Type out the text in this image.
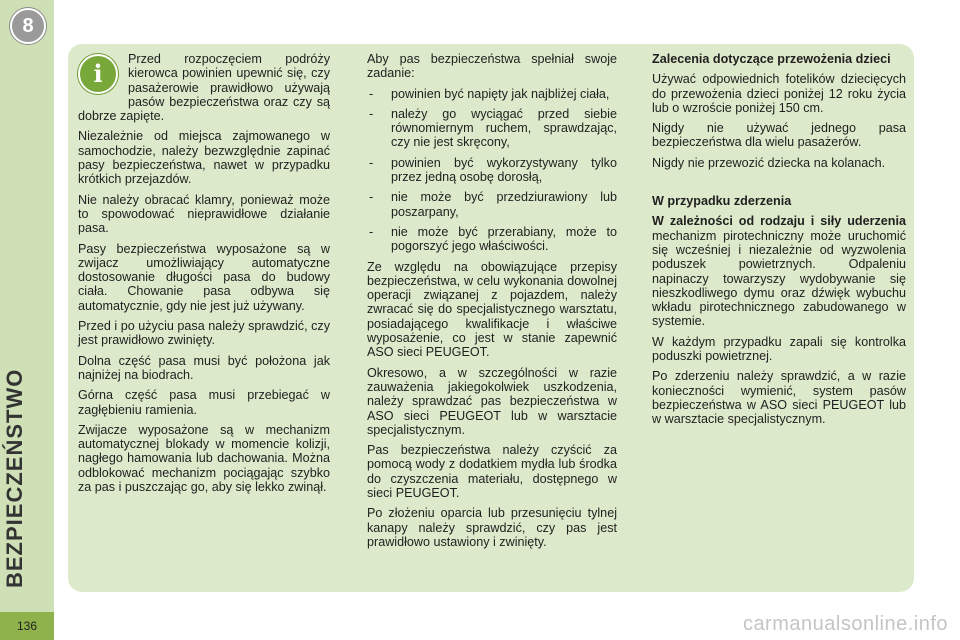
8
BEZPIECZEŃSTWO
136
i	Przed rozpoczęciem podróży kierowca powinien upewnić się, czy pasażerowie prawidłowo używają pasów bezpieczeństwa oraz czy są dobrze zapięte.

Niezależnie od miejsca zajmowanego w samochodzie, należy bezwzględnie zapinać pasy bezpieczeństwa, nawet w przypadku krótkich przejazdów.

Nie należy obracać klamry, ponieważ może to spowodować nieprawidłowe działanie pasa.

Pasy bezpieczeństwa wyposażone są w zwijacz umożliwiający automatyczne dostosowanie długości pasa do budowy ciała. Chowanie pasa odbywa się automatycznie, gdy nie jest już używany.

Przed i po użyciu pasa należy sprawdzić, czy jest prawidłowo zwinięty.

Dolna część pasa musi być położona jak najniżej na biodrach.

Górna część pasa musi przebiegać w zagłębieniu ramienia.

Zwijacze wyposażone są w mechanizm automatycznej blokady w momencie kolizji, nagłego hamowania lub dachowania. Można odblokować mechanizm pociągając szybko za pas i puszczając go, aby się lekko zwinął.

Aby pas bezpieczeństwa spełniał swoje zadanie:

- powinien być napięty jak najbliżej ciała,
- należy go wyciągać przed siebie równomiernym ruchem, sprawdzając, czy nie jest skręcony,
- powinien być wykorzystywany tylko przez jedną osobę dorosłą,
- nie może być przedziurawiony lub poszarpany,
- nie może być przerabiany, może to pogorszyć jego właściwości.

Ze względu na obowiązujące przepisy bezpieczeństwa, w celu wykonania dowolnej operacji związanej z pojazdem, należy zwracać się do specjalistycznego warsztatu, posiadającego kwalifikacje i właściwe wyposażenie, co jest w stanie zapewnić ASO sieci PEUGEOT.

Okresowo, a w szczególności w razie zauważenia jakiegokolwiek uszkodzenia, należy sprawdzać pas bezpieczeństwa w ASO sieci PEUGEOT lub w warsztacie specjalistycznym.

Pas bezpieczeństwa należy czyścić za pomocą wody z dodatkiem mydła lub środka do czyszczenia materiału, dostępnego w sieci PEUGEOT.

Po złożeniu oparcia lub przesunięciu tylnej kanapy należy sprawdzić, czy pas jest prawidłowo ustawiony i zwinięty.

Zalecenia dotyczące przewożenia dzieci

Używać odpowiednich fotelików dziecięcych do przewożenia dzieci poniżej 12 roku życia lub o wzroście poniżej 150 cm.

Nigdy nie używać jednego pasa bezpieczeństwa dla wielu pasażerów.

Nigdy nie przewozić dziecka na kolanach.

W przypadku zderzenia

W zależności od rodzaju i siły uderzenia mechanizm pirotechniczny może uruchomić się wcześniej i niezależnie od wyzwolenia poduszek powietrznych. Odpaleniu napinaczy towarzyszy wydobywanie się nieszkodliwego dymu oraz dźwięk wybuchu wkładu pirotechnicznego zabudowanego w systemie.

W każdym przypadku zapali się kontrolka poduszki powietrznej.

Po zderzeniu należy sprawdzić, a w razie konieczności wymienić, system pasów bezpieczeństwa w ASO sieci PEUGEOT lub w warsztacie specjalistycznym.

carmanualsonline.info
